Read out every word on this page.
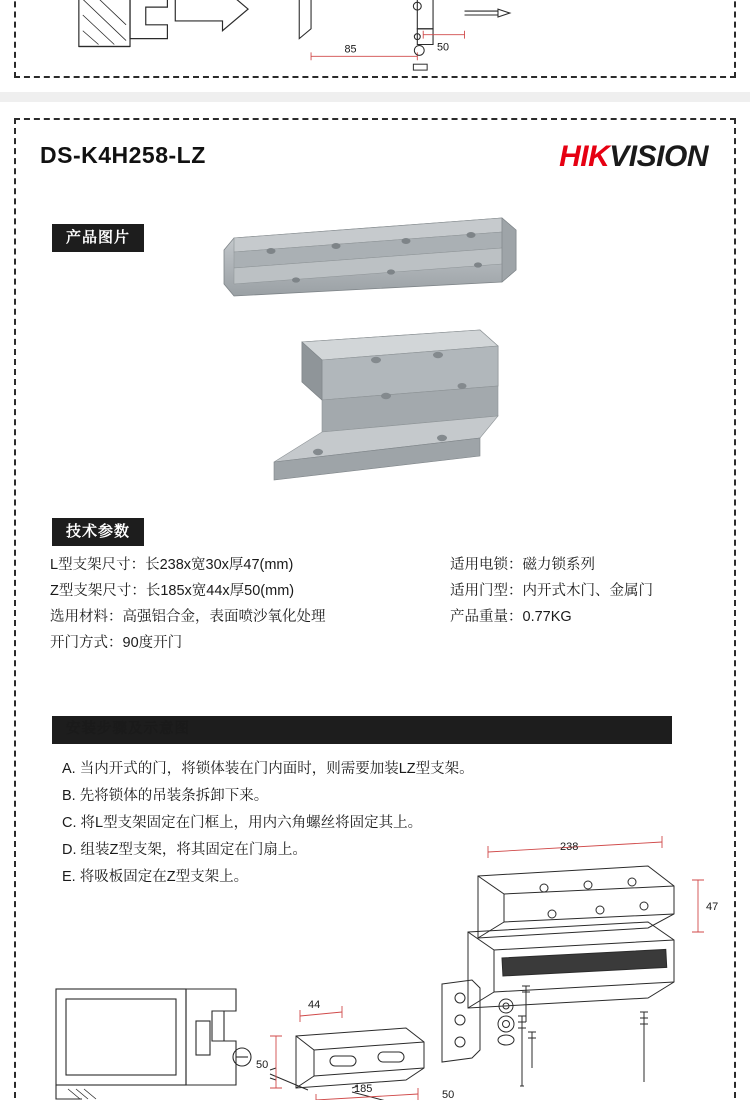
85	50
DS-K4H258-LZ	HIKVISION
产品图片
技术参数
L型支架尺寸：长238x宽30x厚47(mm)	适用电锁：磁力锁系列
Z型支架尺寸：长185x宽44x厚50(mm)	适用门型：内开式木门、金属门
选用材料：高强铝合金，表面喷沙氧化处理	产品重量：0.77KG
开门方式：90度开门
安装步骤及示意图
A. 当内开式的门，将锁体装在门内面时，则需要加装LZ型支架。
B. 先将锁体的吊装条拆卸下来。
C. 将L型支架固定在门框上，用内六角螺丝将固定其上。
D. 组装Z型支架，将其固定在门扇上。
E. 将吸板固定在Z型支架上。
238
47
44
50
185	50
